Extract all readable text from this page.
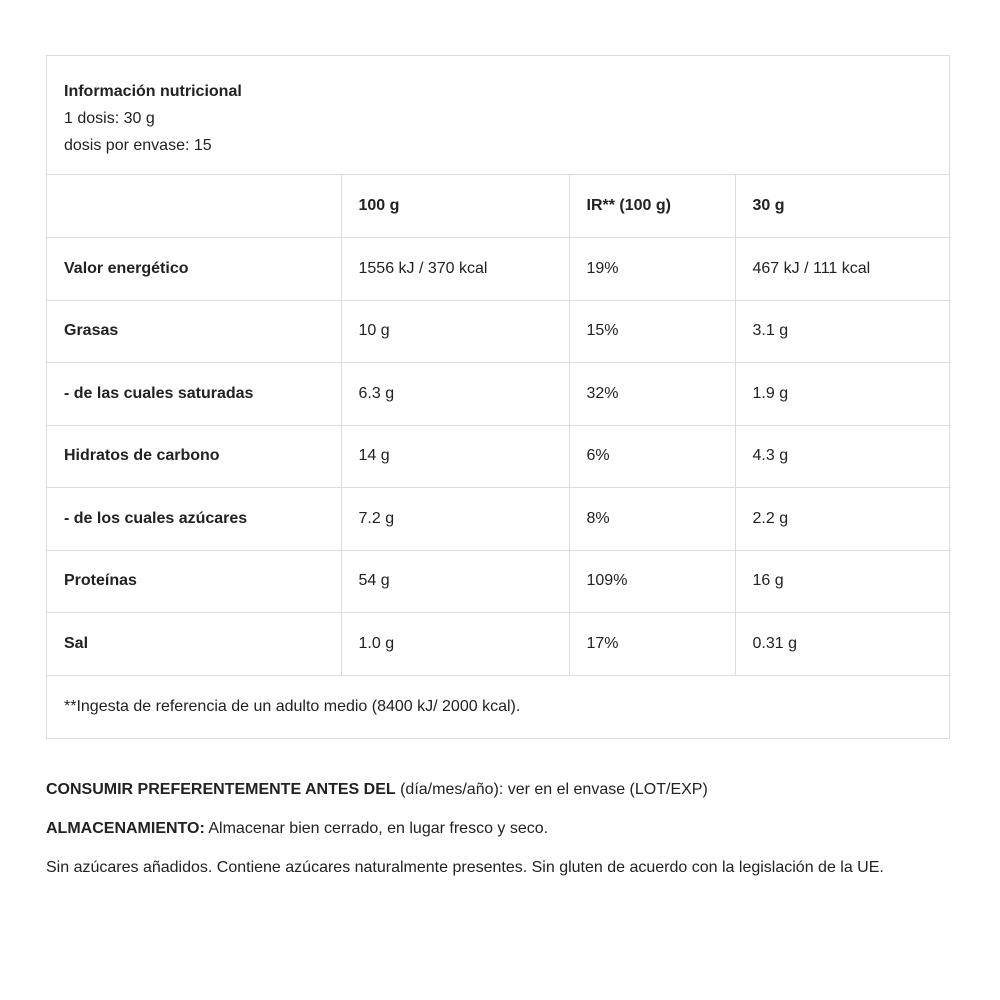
Información nutricional
1 dosis: 30 g
dosis por envase: 15
	100 g	IR** (100 g)	30 g
Valor energético	1556 kJ / 370 kcal	19%	467 kJ / 111 kcal
Grasas	10 g	15%	3.1 g
- de las cuales saturadas	6.3 g	32%	1.9 g
Hidratos de carbono	14 g	6%	4.3 g
- de los cuales azúcares	7.2 g	8%	2.2 g
Proteínas	54 g	109%	16 g
Sal	1.0 g	17%	0.31 g
**Ingesta de referencia de un adulto medio (8400 kJ/ 2000 kcal).

CONSUMIR PREFERENTEMENTE ANTES DEL (día/mes/año): ver en el envase (LOT/EXP)

ALMACENAMIENTO: Almacenar bien cerrado, en lugar fresco y seco.

Sin azúcares añadidos. Contiene azúcares naturalmente presentes. Sin gluten de acuerdo con la legislación de la UE.
